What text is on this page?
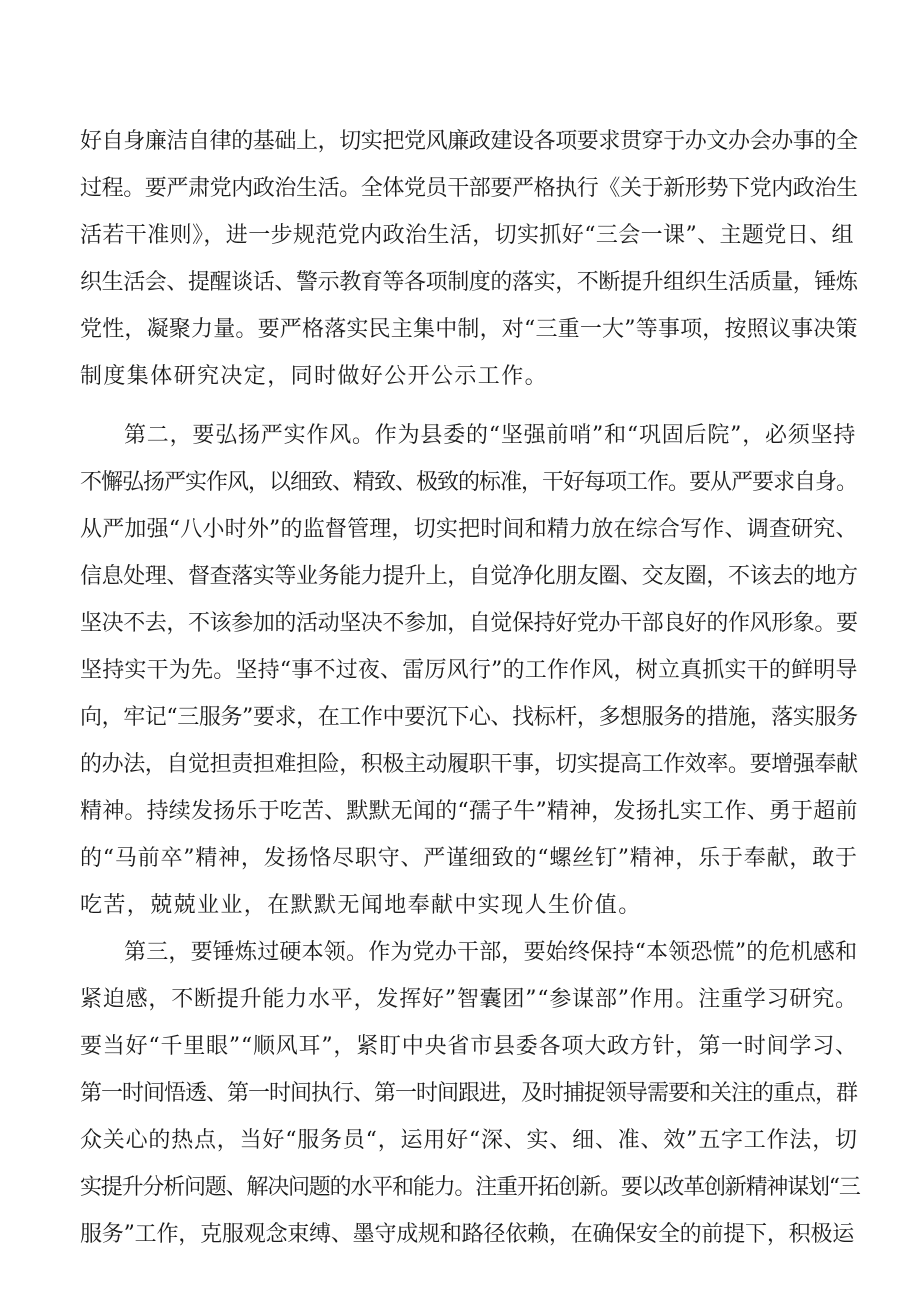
好自身廉洁自律的基础上，切实把党风廉政建设各项要求贯穿于办文办会办事的全
过程。要严肃党内政治生活。全体党员干部要严格执行《关于新形势下党内政治生
活若干准则》，进一步规范党内政治生活，切实抓好“三会一课”、主题党日、组
织生活会、提醒谈话、警示教育等各项制度的落实，不断提升组织生活质量，锤炼
党性，凝聚力量。要严格落实民主集中制，对“三重一大”等事项，按照议事决策
制度集体研究决定，同时做好公开公示工作。
第二，要弘扬严实作风。作为县委的“坚强前哨”和“巩固后院”，必须坚持
不懈弘扬严实作风，以细致、精致、极致的标准，干好每项工作。要从严要求自身。
从严加强“八小时外”的监督管理，切实把时间和精力放在综合写作、调查研究、
信息处理、督查落实等业务能力提升上，自觉净化朋友圈、交友圈，不该去的地方
坚决不去，不该参加的活动坚决不参加，自觉保持好党办干部良好的作风形象。要
坚持实干为先。坚持“事不过夜、雷厉风行”的工作作风，树立真抓实干的鲜明导
向，牢记“三服务”要求，在工作中要沉下心、找标杆，多想服务的措施，落实服务
的办法，自觉担责担难担险，积极主动履职干事，切实提高工作效率。要增强奉献
精神。持续发扬乐于吃苦、默默无闻的“孺子牛”精神，发扬扎实工作、勇于超前
的“马前卒”精神，发扬恪尽职守、严谨细致的“螺丝钉”精神，乐于奉献，敢于
吃苦，兢兢业业，在默默无闻地奉献中实现人生价值。
第三，要锤炼过硬本领。作为党办干部，要始终保持“本领恐慌”的危机感和
紧迫感，不断提升能力水平，发挥好”智囊团”“参谋部”作用。注重学习研究。
要当好“千里眼”“顺风耳”，紧盯中央省市县委各项大政方针，第一时间学习、
第一时间悟透、第一时间执行、第一时间跟进，及时捕捉领导需要和关注的重点，群
众关心的热点，当好“服务员“，运用好“深、实、细、准、效”五字工作法，切
实提升分析问题、解决问题的水平和能力。注重开拓创新。要以改革创新精神谋划“三
服务”工作，克服观念束缚、墨守成规和路径依赖，在确保安全的前提下，积极运
